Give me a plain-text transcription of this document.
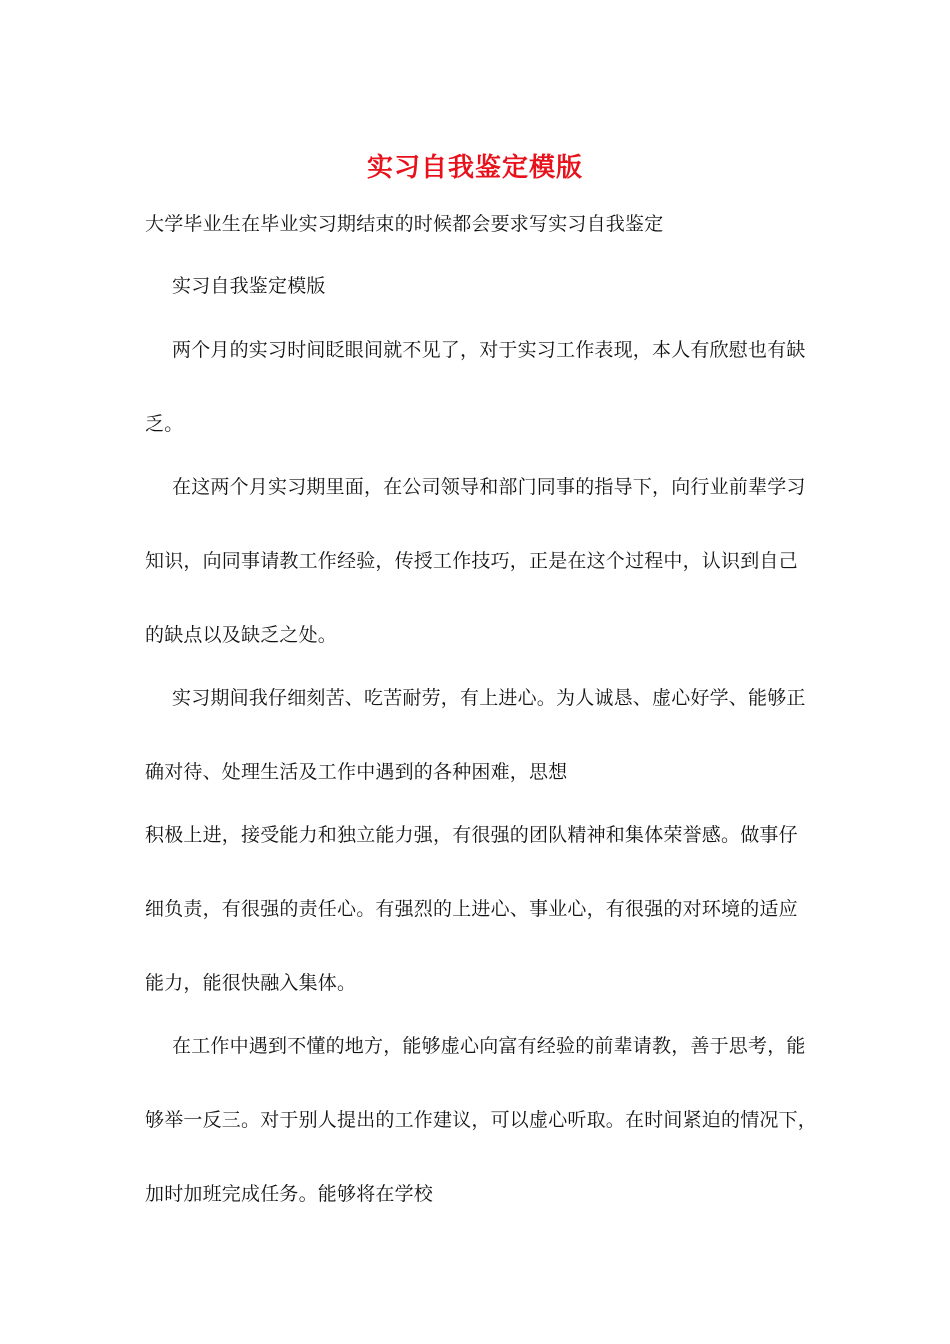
实习自我鉴定模版
大学毕业生在毕业实习期结束的时候都会要求写实习自我鉴定
实习自我鉴定模版
两个月的实习时间眨眼间就不见了，对于实习工作表现，本人有欣慰也有缺
乏。
在这两个月实习期里面，在公司领导和部门同事的指导下，向行业前辈学习
知识，向同事请教工作经验，传授工作技巧，正是在这个过程中，认识到自己
的缺点以及缺乏之处。
实习期间我仔细刻苦、吃苦耐劳，有上进心。为人诚恳、虚心好学、能够正
确对待、处理生活及工作中遇到的各种困难，思想
积极上进，接受能力和独立能力强，有很强的团队精神和集体荣誉感。做事仔
细负责，有很强的责任心。有强烈的上进心、事业心，有很强的对环境的适应
能力，能很快融入集体。
在工作中遇到不懂的地方，能够虚心向富有经验的前辈请教，善于思考，能
够举一反三。对于别人提出的工作建议，可以虚心听取。在时间紧迫的情况下，
加时加班完成任务。能够将在学校
